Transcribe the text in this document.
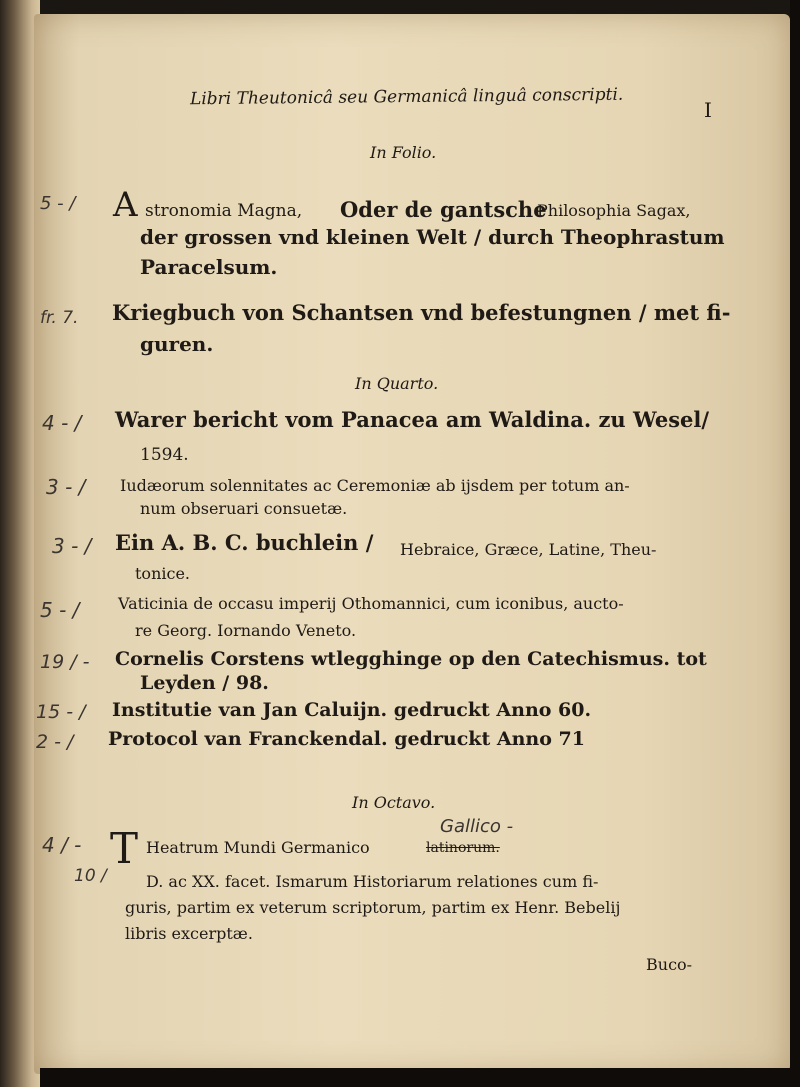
Libri Theutonicâ seu Germanicâ linguâ conscripti.
I
In Folio.
5 - / A stronomia Magna, Oder de gantsche
Philosophia Sagax,
der grossen vnd kleinen Welt / durch Theophrastum
Paracelsum.
fr. 7. Kriegbuch von Schantsen vnd befestungnen / met fi-
guren.
In Quarto.
4 - / Warer bericht vom Panacea am Waldina. zu Wesel/
1594.
3 - / Iudæorum solennitates ac Ceremoniæ ab ijsdem per totum an-
num obseruari consuetæ.
3 - / Ein A. B. C. buchlein / Hebraice, Græce, Latine, Theu-
tonice.
5 - / Vaticinia de occasu imperij Othomannici, cum iconibus, aucto-
re Georg. Iornando Veneto.
19 / - Cornelis Corstens wtlegghinge op den Catechismus. tot
Leyden / 98.
15 - / Institutie van Jan Caluijn. gedruckt Anno 60.
2 - / Protocol van Franckendal. gedruckt Anno 71
In Octavo.
4 / -
10 /
T Heatrum Mundi Germanico	latinorum.
Gallico -
D. ac XX. facet. Ismarum Historiarum relationes cum fi-
guris, partim ex veterum scriptorum, partim ex Henr. Bebelij
libris excerptæ.
Buco-
